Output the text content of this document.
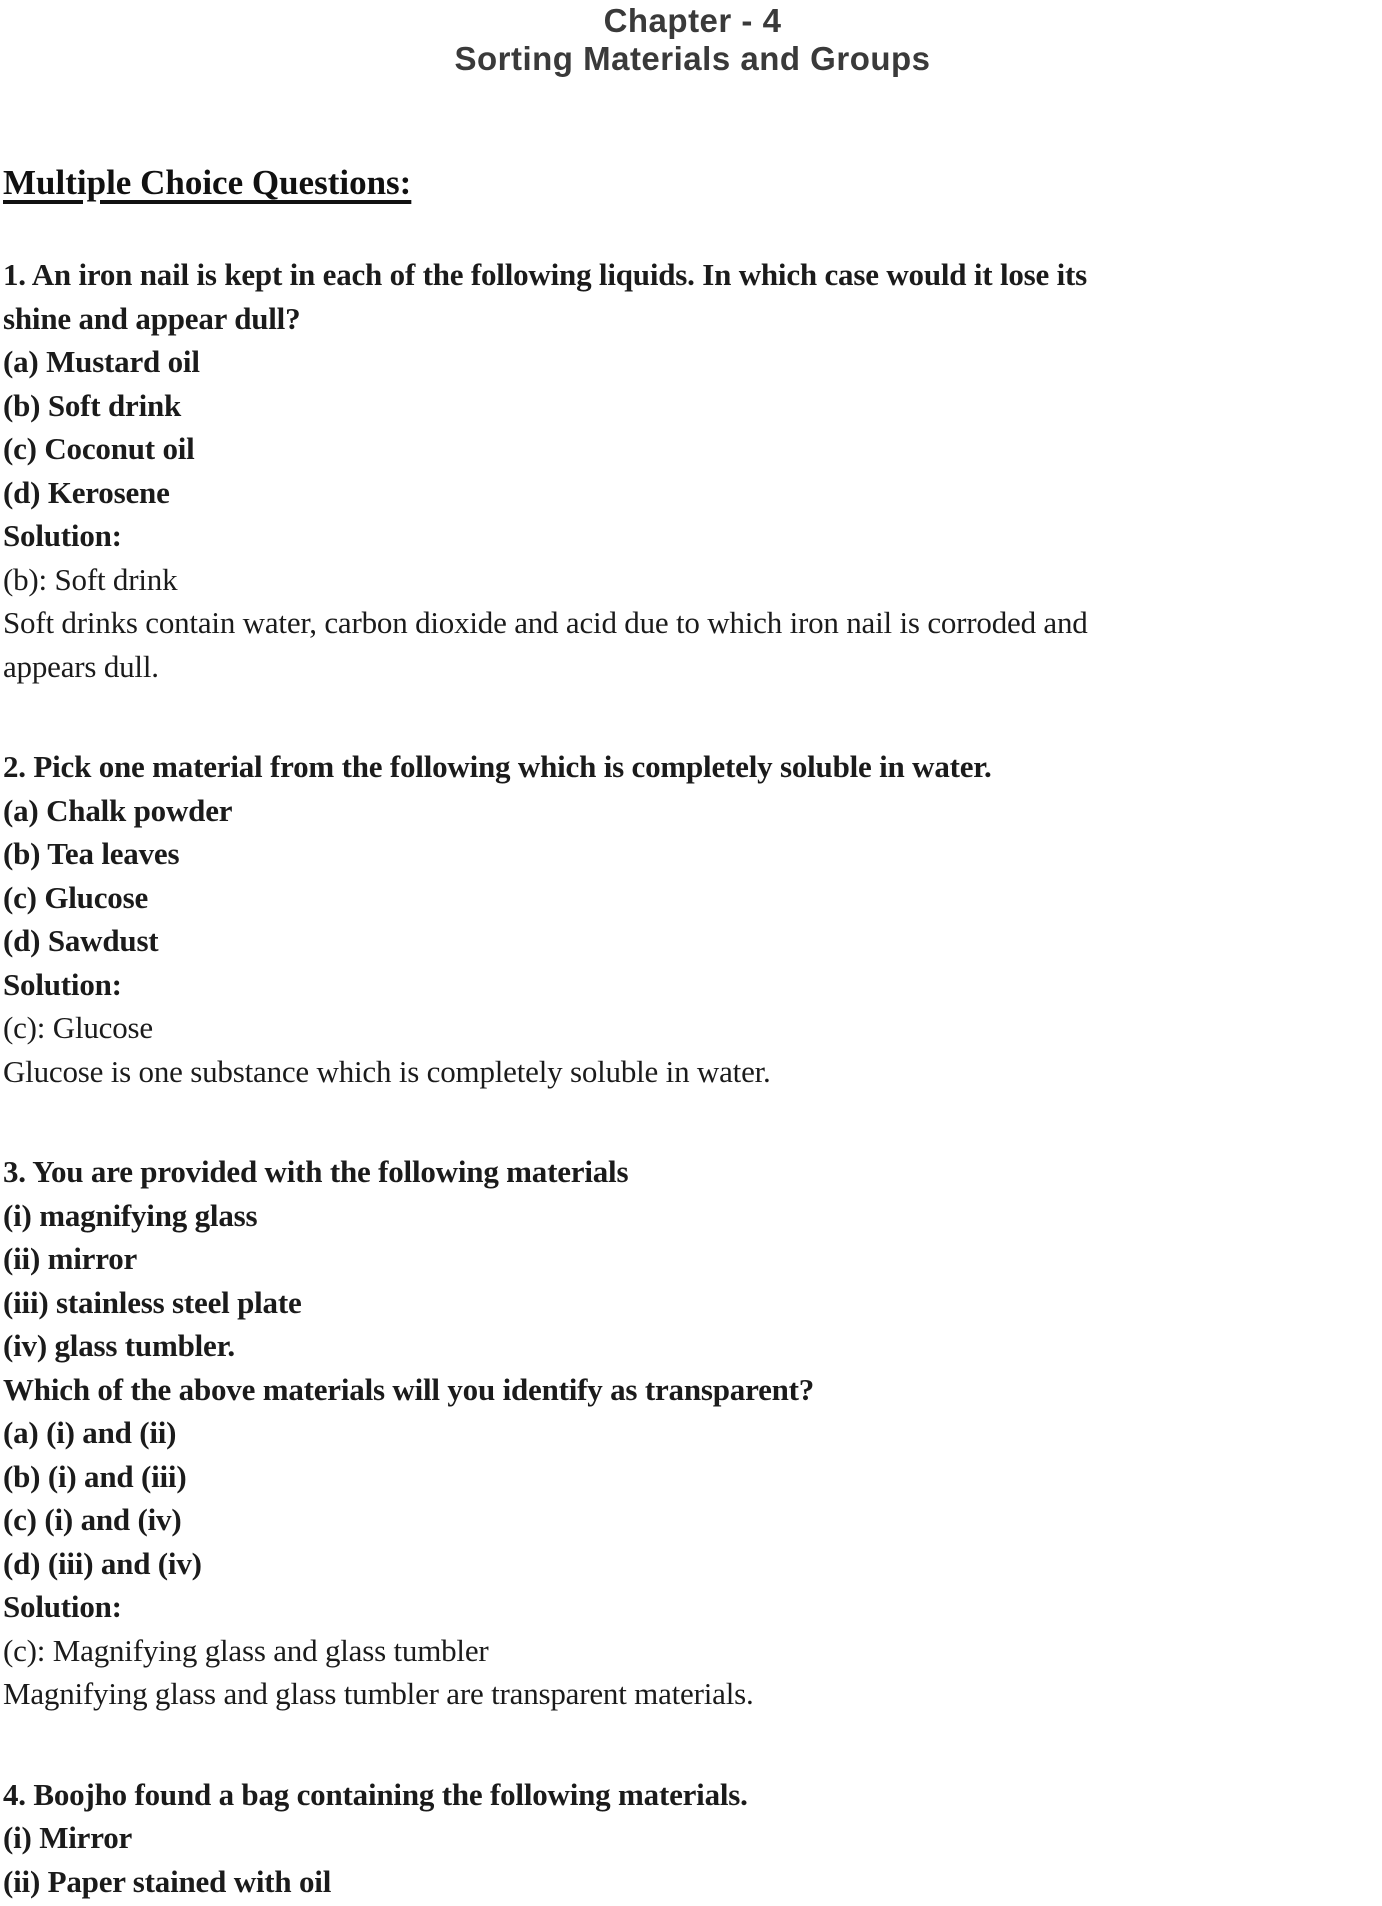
Chapter - 4
Sorting Materials and Groups
Multiple Choice Questions:
1. An iron nail is kept in each of the following liquids. In which case would it lose its
shine and appear dull?
(a) Mustard oil
(b) Soft drink
(c) Coconut oil
(d) Kerosene
Solution:
(b): Soft drink
Soft drinks contain water, carbon dioxide and acid due to which iron nail is corroded and
appears dull.
2. Pick one material from the following which is completely soluble in water.
(a) Chalk powder
(b) Tea leaves
(c) Glucose
(d) Sawdust
Solution:
(c): Glucose
Glucose is one substance which is completely soluble in water.
3. You are provided with the following materials
(i) magnifying glass
(ii) mirror
(iii) stainless steel plate
(iv) glass tumbler.
Which of the above materials will you identify as transparent?
(a) (i) and (ii)
(b) (i) and (iii)
(c) (i) and (iv)
(d) (iii) and (iv)
Solution:
(c): Magnifying glass and glass tumbler
Magnifying glass and glass tumbler are transparent materials.
4. Boojho found a bag containing the following materials.
(i) Mirror
(ii) Paper stained with oil
